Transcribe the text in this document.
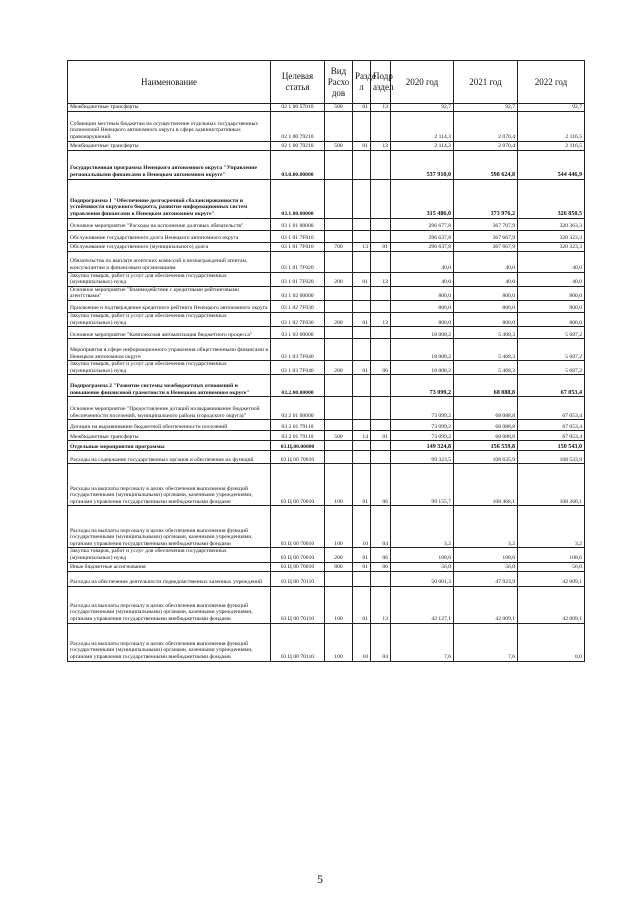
Наименование	Целевая статья	Вид Расхо дов	Разде л	Подр аздел	2020 год	2021 год	2022 год
Межбюджетные трансферты	02 1 00 57010	500	01	13	92,7	92,7	92,7
Субвенции местным бюджетам на осуществление отдельных государственных полномочий Ненецкого автономного округа в сфере административных правонарушений	02 1 00 79210				2 114,3	2 070,4	2 116,5
Межбюджетные трансферты	02 1 00 79210	500	01	13	2 114,3	2 070,4	2 116,5
Государственная программа Ненецкого автономного округа "Управление региональными финансами в Ненецком автономном округе"	03.0.00.00000				537 910,0	598 624,8	544 446,9
Подпрограмма 1 "Обеспечение долгосрочной сбалансированности и устойчивости окружного бюджета, развитие информационных систем управления финансами в Ненецком автономном округе"	03.1.00.00000				315 486,0	373 976,2	326 850,5
Основное мероприятие "Расходы на исполнение долговых обязательств"	03 1 01 00000				296 677,8	367 707,9	320 363,3
Обслуживание государственного долга Ненецкого автономного округа	03 1 01 7F010				296 637,8	367 667,9	320 323,3
Обслуживание государственного (муниципального) долга	03 1 01 7F010	700	13	01	296 637,8	367 667,9	320 323,3
Обязательства по выплате агентских комиссий и вознаграждений агентам, консультантам и финансовым организациям	03 1 01 7F020				40,0	40,0	40,0
Закупка товаров, работ и услуг для обеспечения государственных (муниципальных) нужд	03 1 01 7F020	200	01	13	40,0	40,0	40,0
Основное мероприятие "Взаимодействие с кредитными рейтинговыми агентствами"	03 1 02 00000				800,0	800,0	800,0
Присвоение и подтверждение кредитного рейтинга Ненецкого автономного округа	03 1 02 7F030				800,0	800,0	800,0
Закупка товаров, работ и услуг для обеспечения государственных (муниципальных) нужд	03 1 02 7F030	200	01	13	800,0	800,0	800,0
Основное мероприятие "Комплексная автоматизация бюджетного процесса"	03 1 03 00000				18 008,2	5 468,3	5 687,2
Мероприятия в сфере информационного управления общественными финансами в Ненецком автономном округе	03 1 03 7F040				18 008,2	5 468,3	5 687,2
Закупка товаров, работ и услуг для обеспечения государственных (муниципальных) нужд	03 1 03 7F040	200	01	06	18 008,2	5 468,3	5 687,2
Подпрограмма 2 "Развитие системы межбюджетных отношений и повышение финансовой грамотности в Ненецком автономном округе"	03.2.00.00000				73 099,2	68 088,8	67 053,4
Основное мероприятие "Предоставление дотаций на выравнивание бюджетной обеспеченности поселений, муниципального района (городского округа)"	03 2 01 00000				73 099,2	68 088,8	67 053,4
Дотации на выравнивание бюджетной обеспеченности поселений	03 2 01 79110				73 099,2	68 088,8	67 053,4
Межбюджетные трансферты	03 2 01 79110	500	14	01	73 099,2	68 088,8	67 053,4
Отдельные мероприятия программы	03.Ц.00.00000				149 324,8	156 559,8	150 543,0
Расходы на содержание государственных органов и обеспечение их функций	03 Ц 00 70010				99 323,5	108 635,9	108 533,9
Расходы на выплаты персоналу в целях обеспечения выполнения функций государственными (муниципальными) органами, казенными учреждениями, органами управления государственными внебюджетными фондами	03 Ц 00 70010	100	01	06	99 155,7	108 468,1	108 366,1
Расходы на выплаты персоналу в целях обеспечения выполнения функций государственными (муниципальными) органами, казенными учреждениями, органами управления государственными внебюджетными фондами	03 Ц 00 70010	100	10	04	3,2	3,2	3,2
Закупка товаров, работ и услуг для обеспечения государственных (муниципальных) нужд	03 Ц 00 70010	200	01	06	108,6	108,6	108,6
Иные бюджетные ассигнования	03 Ц 00 70010	800	01	06	56,0	56,0	56,0
Расходы на обеспечение деятельности подведомственных казенных учреждений	03 Ц 00 70110				50 001,3	47 923,9	42 009,1
Расходы на выплаты персоналу в целях обеспечения выполнения функций государственными (муниципальными) органами, казенными учреждениями, органами управления государственными внебюджетными фондами	03 Ц 00 70110	100	01	13	42 127,1	42 009,1	42 009,1
Расходы на выплаты персоналу в целях обеспечения выполнения функций государственными (муниципальными) органами, казенными учреждениями, органами управления государственными внебюджетными фондами	03 Ц 00 70110	100	10	04	7,6	7,6	0,0
5
